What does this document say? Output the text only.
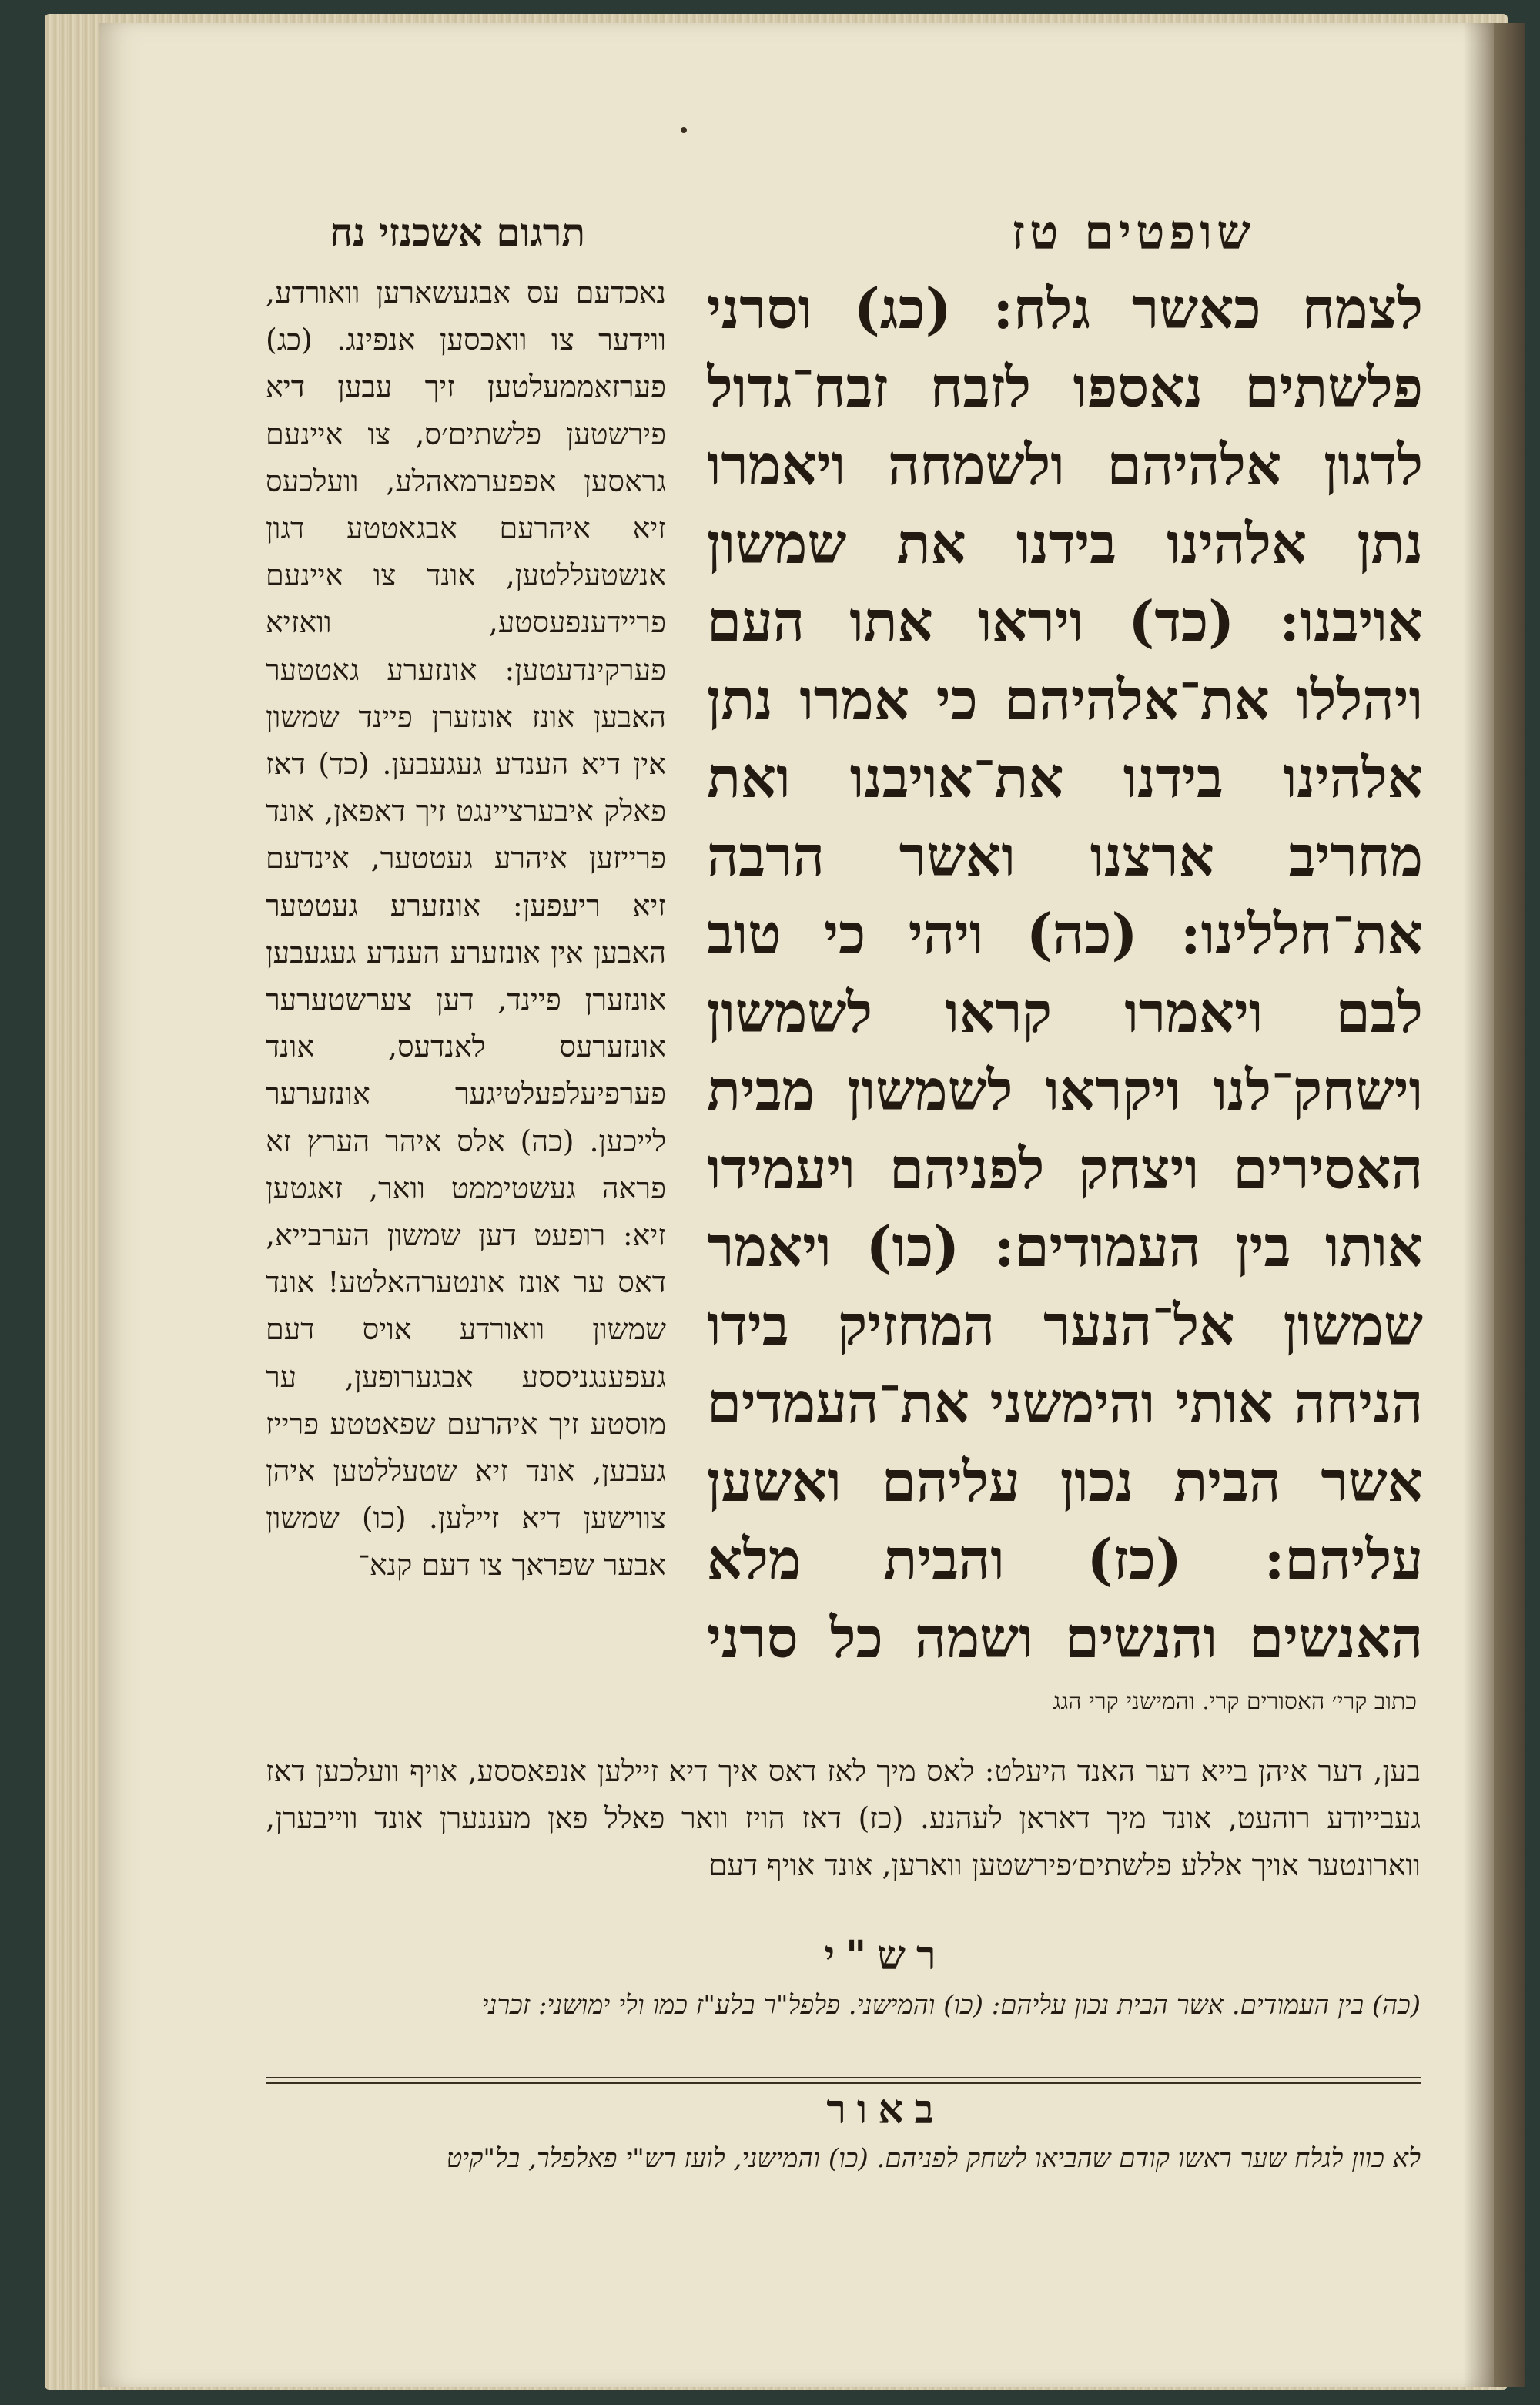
שופטים טז
תרגום אשכנזי נח
לצמח כאשר גלח: (כג) וסרני פלשתים נאספו לזבח זבח־גדול לדגון אלהיהם ולשמחה ויאמרו נתן אלהינו בידנו את שמשון אויבנו: (כד) ויראו אתו העם ויהללו את־אלהיהם כי אמרו נתן אלהינו בידנו את־אויבנו ואת מחריב ארצנו ואשר הרבה את־חללינו: (כה) ויהי כי טוב לבם ויאמרו קראו לשמשון וישחק־לנו ויקראו לשמשון מבית האסירים ויצחק לפניהם ויעמידו אותו בין העמודים: (כו) ויאמר שמשון אל־הנער המחזיק בידו הניחה אותי והימשני את־העמדים אשר הבית נכון עליהם ואשען עליהם: (כז) והבית מלא האנשים והנשים ושמה כל סרני
נאכדעם עס אבגעשארען וואורדע, ווידער צו וואכסען אנפינג. (כג) פערזאממעלטען זיך עבען דיא פירשטען פלשתים׳ס, צו איינעם גראסען אפפערמאהלע, וועלכעס זיא איהרעם אבגאטטע דגון אנשטעללטען, אונד צו איינעם פריידענפעסטע, וואזיא פערקינדעטען: אונזערע גאטטער האבען אונז אונזערן פיינד שמשון אין דיא הענדע געגעבען. (כד) דאז פאלק איבערציינגט זיך דאפאן, אונד פרייזען איהרע געטטער, אינדעם זיא ריעפען: אונזערע געטטער האבען אין אונזערע הענדע געגעבען אונזערן פיינד, דען צערשטערער אונזערעס לאנדעס, אונד פערפיעלפעלטיגער אונזערער לייכען. (כה) אלס איהר הערץ זא פראה געשטיממט וואר, זאגטען זיא: רופעט דען שמשון הערבייא, דאס ער אונז אונטערהאלטע! אונד שמשון וואורדע אויס דעם געפענגניססע אבגערופען, ער מוסטע זיך איהרעם שפאטטע פרייז געבען, אונד זיא שטעללטען איהן צווישען דיא זיילען. (כו) שמשון אבער שפראך צו דעם קנא־
כתוב קרי׳ האסורים קרי. והמישני קרי הגג
בען, דער איהן בייא דער האנד היעלט: לאס מיך לאז דאס איך דיא זיילען אנפאססע, אויף וועלכען דאז געבייודע רוהעט, אונד מיך דאראן לעהנע. (כז) דאז הויז וואר פאלל פאן מעננערן אונד ווייבערן, ווארונטער אויך אללע פלשתים׳פירשטען ווארען, אונד אויף דעם
רש"י
(כה) בין העמודים. אשר הבית נכון עליהם: (כו) והמישני. פלפל"ר בלע"ז כמו ולי ימושני: זכרני
באור
לא כוון לגלח שער ראשו קודם שהביאו לשחק לפניהם. (כו) והמישני, לועז רש"י פאלפלר, בל"קיט
